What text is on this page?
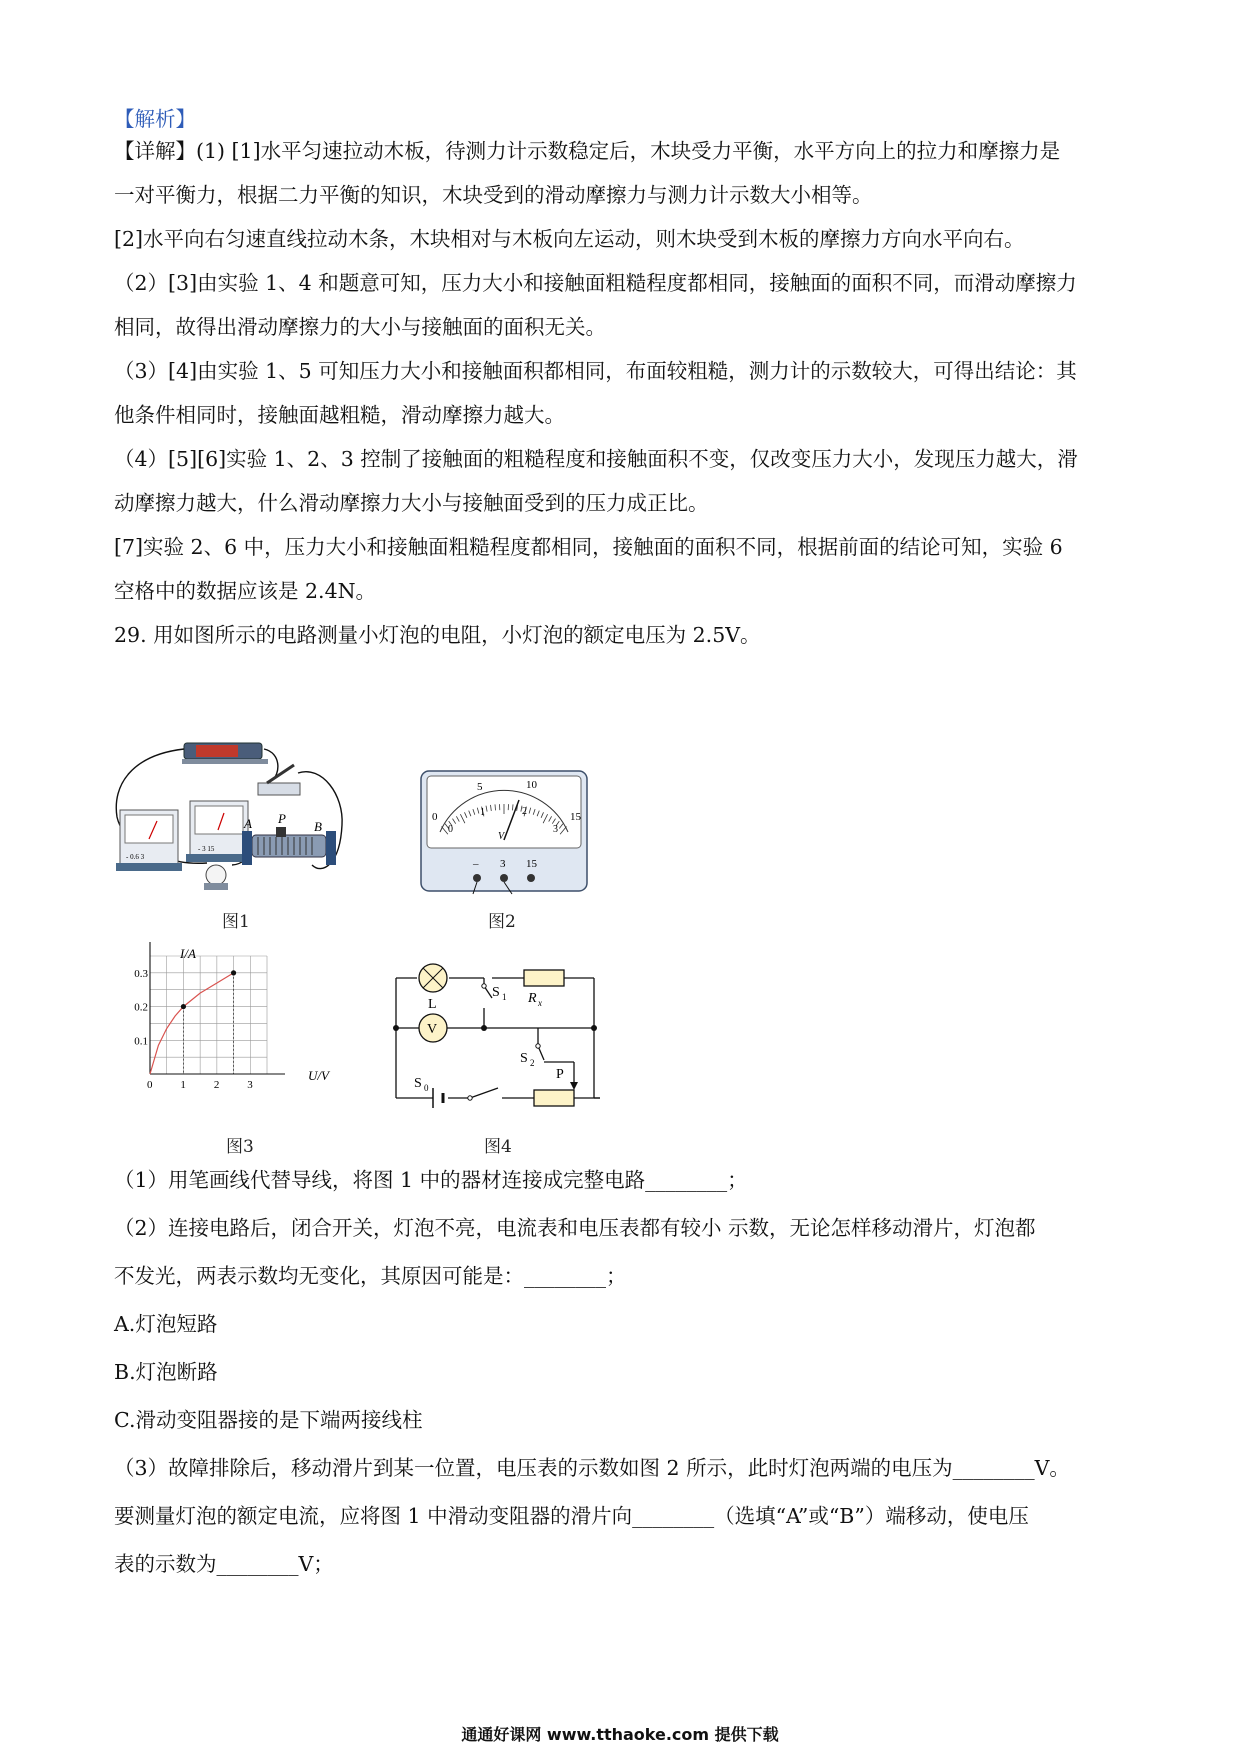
【解析】
【详解】(1) [1]水平匀速拉动木板，待测力计示数稳定后，木块受力平衡，水平方向上的拉力和摩擦力是
一对平衡力，根据二力平衡的知识，木块受到的滑动摩擦力与测力计示数大小相等。
[2]水平向右匀速直线拉动木条，木块相对与木板向左运动，则木块受到木板的摩擦力方向水平向右。
（2）[3]由实验 1、4 和题意可知，压力大小和接触面粗糙程度都相同，接触面的面积不同，而滑动摩擦力
相同，故得出滑动摩擦力的大小与接触面的面积无关。
（3）[4]由实验 1、5 可知压力大小和接触面积都相同，布面较粗糙，测力计的示数较大，可得出结论：其
他条件相同时，接触面越粗糙，滑动摩擦力越大。
（4）[5][6]实验 1、2、3 控制了接触面的粗糙程度和接触面积不变，仅改变压力大小，发现压力越大，滑
动摩擦力越大，什么滑动摩擦力大小与接触面受到的压力成正比。
[7]实验 2、6 中，压力大小和接触面粗糙程度都相同，接触面的面积不同，根据前面的结论可知，实验 6
空格中的数据应该是 2.4N。
29. 用如图所示的电路测量小灯泡的电阻，小灯泡的额定电压为 2.5V。
- 0.6 3
- 3 15
A P
B
图1
0
5	10
15
0
1	2
3
V
– 3 15
图2
0	1	2	3
0.1
0.2
0.3
I/A
U/V
图3
L
V
R x
S 1
S 2
S 0
P
图4
（1）用笔画线代替导线，将图 1 中的器材连接成完整电路________；
（2）连接电路后，闭合开关，灯泡不亮，电流表和电压表都有较小 示数，无论怎样移动滑片，灯泡都
不发光，两表示数均无变化，其原因可能是：________；
A.灯泡短路
B.灯泡断路
C.滑动变阻器接的是下端两接线柱
（3）故障排除后，移动滑片到某一位置，电压表的示数如图 2 所示，此时灯泡两端的电压为________V。
要测量灯泡的额定电流，应将图 1 中滑动变阻器的滑片向________（选填“A”或“B”）端移动，使电压
表的示数为________V；
通通好课网 www.tthaoke.com 提供下载
